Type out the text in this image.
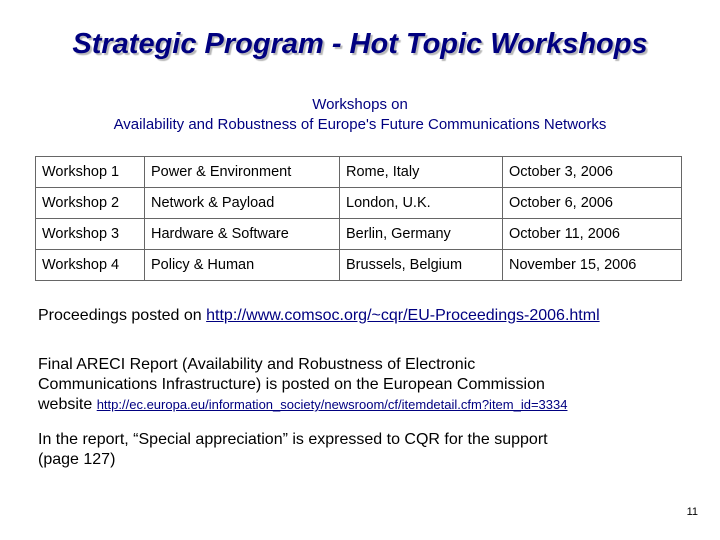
Strategic Program - Hot Topic Workshops
Workshops on
Availability and Robustness of Europe's Future Communications Networks
Workshop 1	Power & Environment	Rome, Italy	October 3, 2006
Workshop 2	Network & Payload	London, U.K.	October 6, 2006
Workshop 3	Hardware & Software	Berlin, Germany	October 11, 2006
Workshop 4	Policy & Human	Brussels, Belgium	November 15, 2006
Proceedings posted on http://www.comsoc.org/~cqr/EU-Proceedings-2006.html
Final ARECI Report (Availability and Robustness of Electronic
Communications Infrastructure) is posted on the European Commission
website http://ec.europa.eu/information_society/newsroom/cf/itemdetail.cfm?item_id=3334
In the report, “Special appreciation” is expressed to CQR for the support
(page 127)
11
